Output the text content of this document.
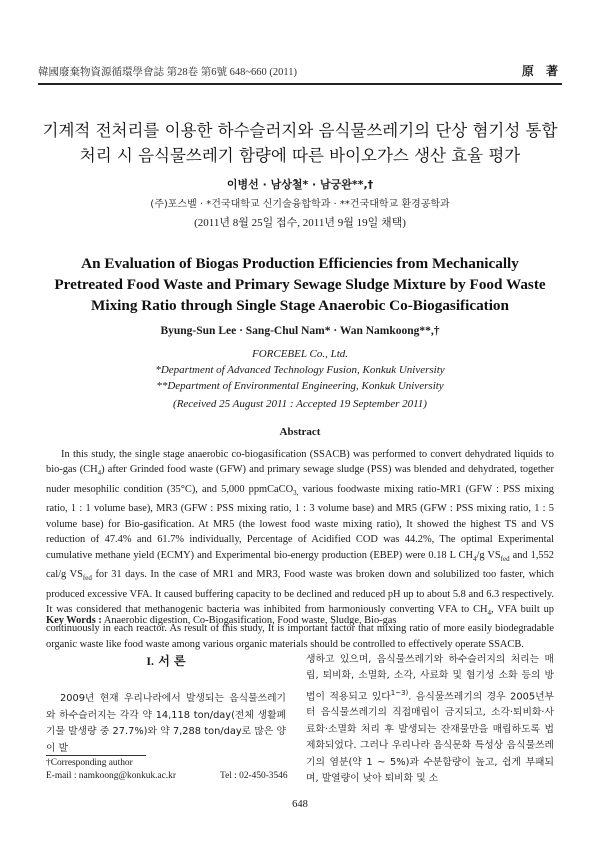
韓國廢棄物資源循環學會誌 第28卷 第6號 648~660 (2011)	原 著
기계적 전처리를 이용한 하수슬러지와 음식물쓰레기의 단상 혐기성 통합
처리 시 음식물쓰레기 함량에 따른 바이오가스 생산 효율 평가
이병선 · 남상철* · 남궁완**,†
(주)포스벨 · *건국대학교 신기술융합학과 · **건국대학교 환경공학과
(2011년 8월 25일 접수, 2011년 9월 19일 채택)
An Evaluation of Biogas Production Efficiencies from Mechanically
Pretreated Food Waste and Primary Sewage Sludge Mixture by Food Waste
Mixing Ratio through Single Stage Anaerobic Co-Biogasification
Byung-Sun Lee · Sang-Chul Nam* · Wan Namkoong**,†
FORCEBEL Co., Ltd.
*Department of Advanced Technology Fusion, Konkuk University
**Department of Environmental Engineering, Konkuk University
(Received 25 August 2011 : Accepted 19 September 2011)
Abstract

In this study, the single stage anaerobic co-biogasification (SSACB) was performed to convert dehydrated liquids to bio-gas $(CH_4)$ after Grinded food waste (GFW) and primary sewage sludge (PSS) was blended and dehydrated, together nuder mesophilic condition (35°C), and 5,000 ppmCaCO$_{3,}$ various foodwaste mixing ratio-MR1 (GFW : PSS mixing ratio, 1 : 1 volume base), MR3 (GFW : PSS mixing ratio, 1 : 3 volume base) and MR5 (GFW : PSS mixing ratio, 1 : 5 volume base) for Bio-gasification. At MR5 (the lowest food waste mixing ratio), It showed the highest TS and VS reduction of 47.4% and 61.7% individually, Percentage of Acidified COD was 44.2%, The optimal Experimental cumulative methane yield (ECMY) and Experimental bio-energy production (EBEP) were 0.18 L $CH_4/g$ $VS_{fed}$ and 1,552 cal/g $VS_{fed}$ for 31 days. In the case of MR1 and MR3, Food waste was broken down and solubilized too faster, which produced excessive VFA. It caused buffering capacity to be declined and reduced pH up to about 5.8 and 6.3 respectively. It was considered that methanogenic bacteria was inhibited from harmoniously converting VFA to $CH_4$, VFA built up continuously in each reactor. As result of this study, It is important factor that mixing ratio of more easily biodegradable organic waste like food waste among various organic materials should be controlled to effectively operate SSACB.

Key Words : Anaerobic digestion, Co-Biogasification, Food waste, Sludge, Bio-gas
I. 서 론
2009년 현재 우리나라에서 발생되는 음식물쓰레기와 하수슬러지는 각각 약 14,118 ton/day(전체 생활폐기물 발생량 중 27.7%)와 약 7,288 ton/day로 많은 양이 발
†Corresponding author
E-mail : namkoong@konkuk.ac.kr	Tel : 02-450-3546
생하고 있으며, 음식물쓰레기와 하수슬러지의 처리는 매립, 퇴비화, 소멸화, 소각, 사료화 및 혐기성 소화 등의 방법이 적용되고 있다$^{1\sim 3)}$. 음식물쓰레기의 경우 2005년부터 음식물쓰레기의 직접매립이 금지되고, 소각·퇴비화·사료화·소멸화 처리 후 발생되는 잔재물만을 매립하도록 법제화되었다. 그러나 우리나라 음식문화 특성상 음식물쓰레기의 염분(약 1 ~ 5%)과 수분함량이 높고, 쉽게 부패되며, 발열량이 낮아 퇴비화 및 소
648
